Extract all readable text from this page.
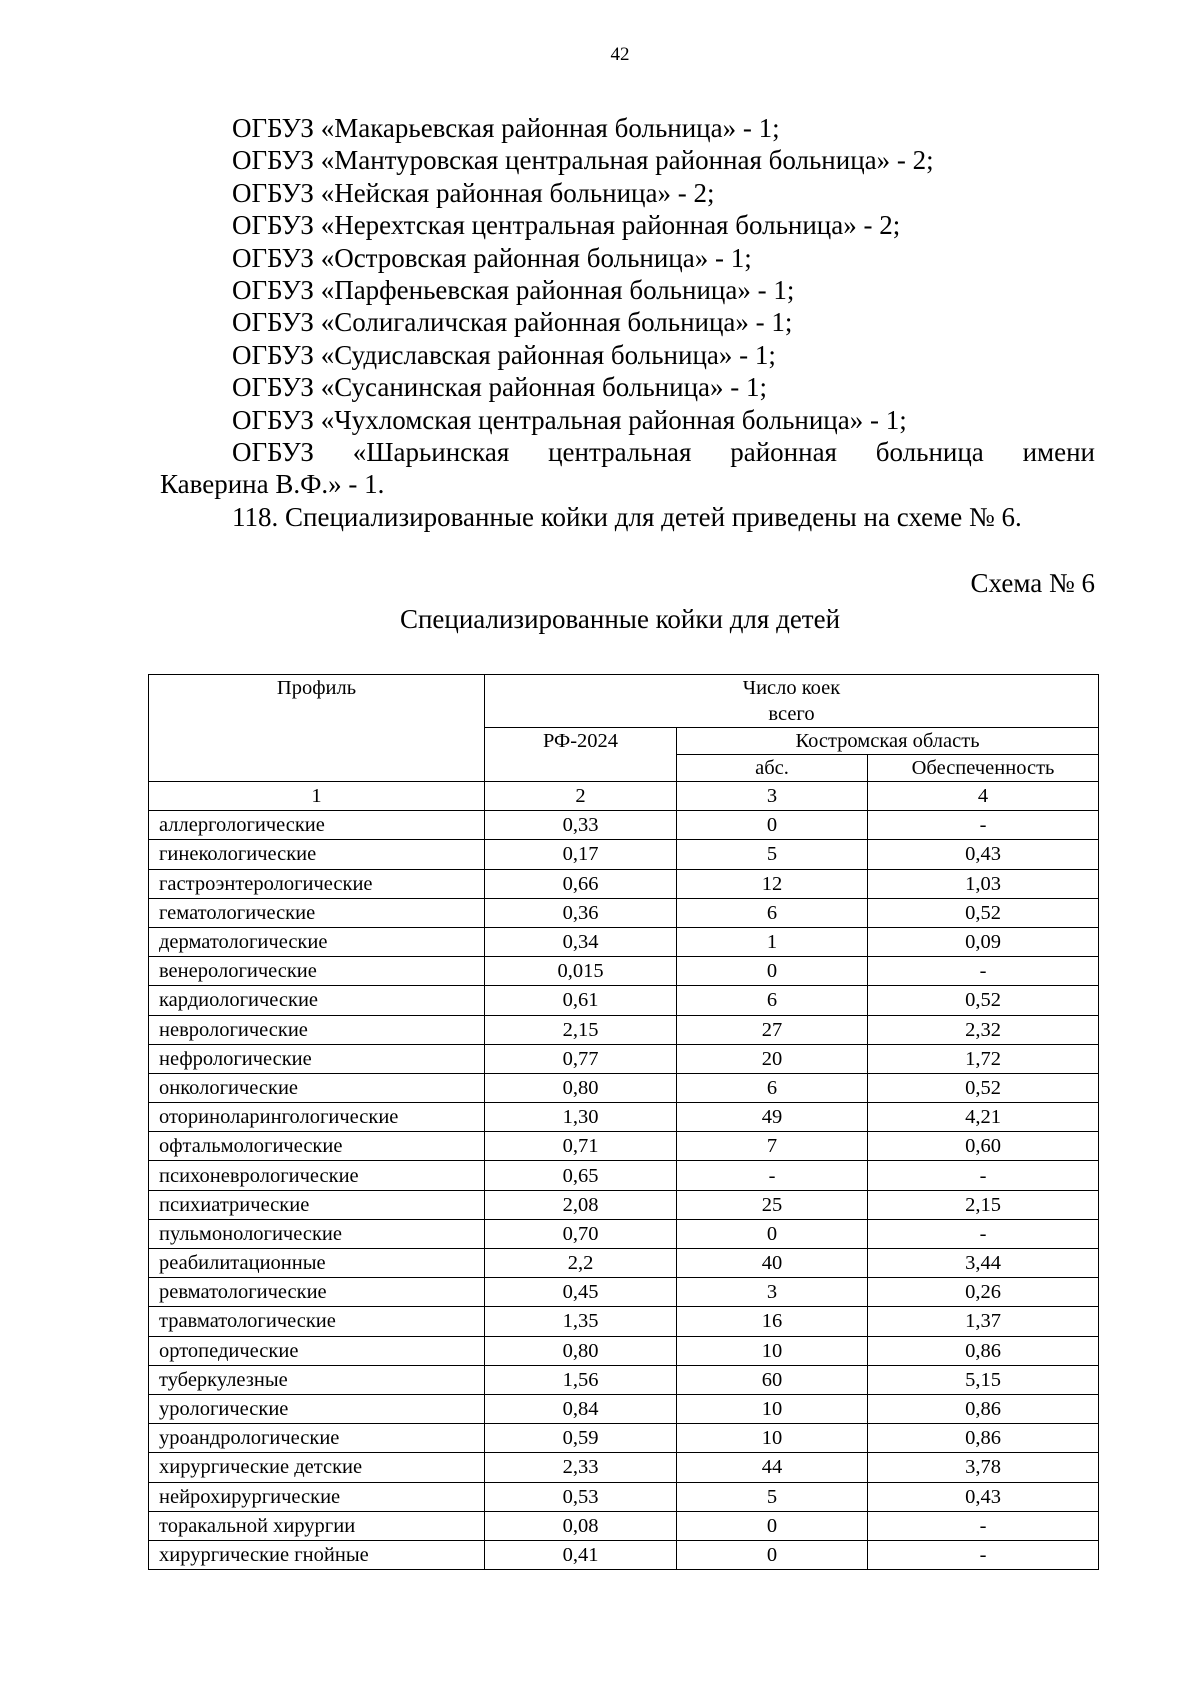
42
ОГБУЗ «Макарьевская районная больница» - 1;
ОГБУЗ «Мантуровская центральная районная больница» - 2;
ОГБУЗ «Нейская районная больница» - 2;
ОГБУЗ «Нерехтская центральная районная больница» - 2;
ОГБУЗ «Островская районная больница» - 1;
ОГБУЗ «Парфеньевская районная больница» - 1;
ОГБУЗ «Солигаличская районная больница» - 1;
ОГБУЗ «Судиславская районная больница» - 1;
ОГБУЗ «Сусанинская районная больница» - 1;
ОГБУЗ «Чухломская центральная районная больница» - 1;
ОГБУЗ «Шарьинская центральная районная больница имени
Каверина В.Ф.» - 1.
118. Специализированные койки для детей приведены на схеме № 6.
Схема № 6
Специализированные койки для детей
Профиль	Число коек
всего		

	РФ-2024	Костромская область	
		абс.	Обеспеченность
1	2	3	4
аллергологические	0,33	0	-
гинекологические	0,17	5	0,43
гастроэнтерологические	0,66	12	1,03
гематологические	0,36	6	0,52
дерматологические	0,34	1	0,09
венерологические	0,015	0	-
кардиологические	0,61	6	0,52
неврологические	2,15	27	2,32
нефрологические	0,77	20	1,72
онкологические	0,80	6	0,52
оториноларингологические	1,30	49	4,21
офтальмологические	0,71	7	0,60
психоневрологические	0,65	-	-
психиатрические	2,08	25	2,15
пульмонологические	0,70	0	-
реабилитационные	2,2	40	3,44
ревматологические	0,45	3	0,26
травматологические	1,35	16	1,37
ортопедические	0,80	10	0,86
туберкулезные	1,56	60	5,15
урологические	0,84	10	0,86
уроандрологические	0,59	10	0,86
хирургические детские	2,33	44	3,78
нейрохирургические	0,53	5	0,43
торакальной хирургии	0,08	0	-
хирургические гнойные	0,41	0	-
